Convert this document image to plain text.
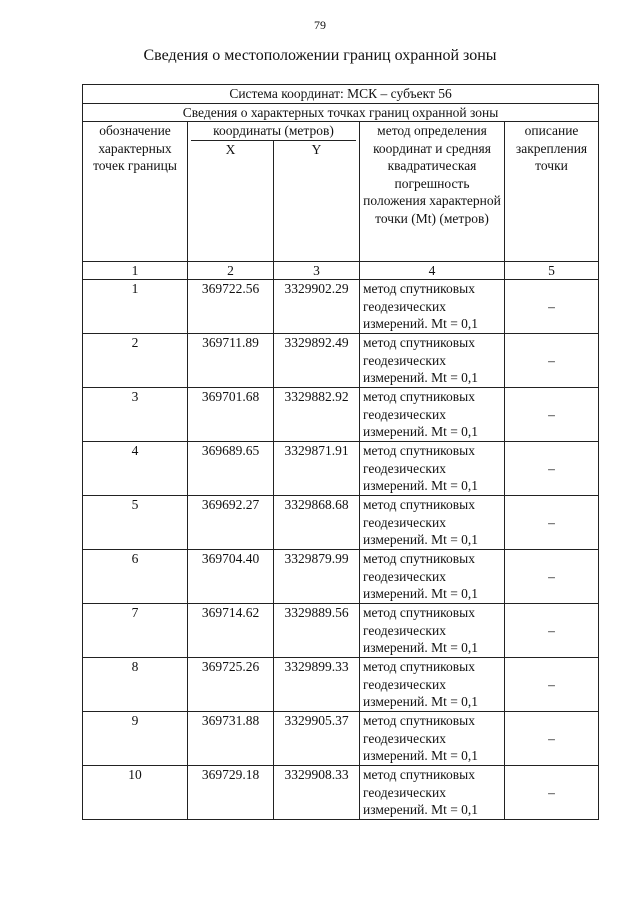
79
Сведения о местоположении границ охранной зоны
Система координат: МСК – субъект 56				
Сведения о характерных точках границ охранной зоны				
обозначение характерных точек границы	координаты (метров)		метод определения координат и средняя квадратическая погрешность положения характерной точки (Mt) (метров)	описание закрепления точки
	X	Y		
1	2	3	4	5
1	369722.56	3329902.29	метод спутниковых геодезических измерений. Mt = 0,1	–
2	369711.89	3329892.49	метод спутниковых геодезических измерений. Mt = 0,1	–
3	369701.68	3329882.92	метод спутниковых геодезических измерений. Mt = 0,1	–
4	369689.65	3329871.91	метод спутниковых геодезических измерений. Mt = 0,1	–
5	369692.27	3329868.68	метод спутниковых геодезических измерений. Mt = 0,1	–
6	369704.40	3329879.99	метод спутниковых геодезических измерений. Mt = 0,1	–
7	369714.62	3329889.56	метод спутниковых геодезических измерений. Mt = 0,1	–
8	369725.26	3329899.33	метод спутниковых геодезических измерений. Mt = 0,1	–
9	369731.88	3329905.37	метод спутниковых геодезических измерений. Mt = 0,1	–
10	369729.18	3329908.33	метод спутниковых геодезических измерений. Mt = 0,1	–
